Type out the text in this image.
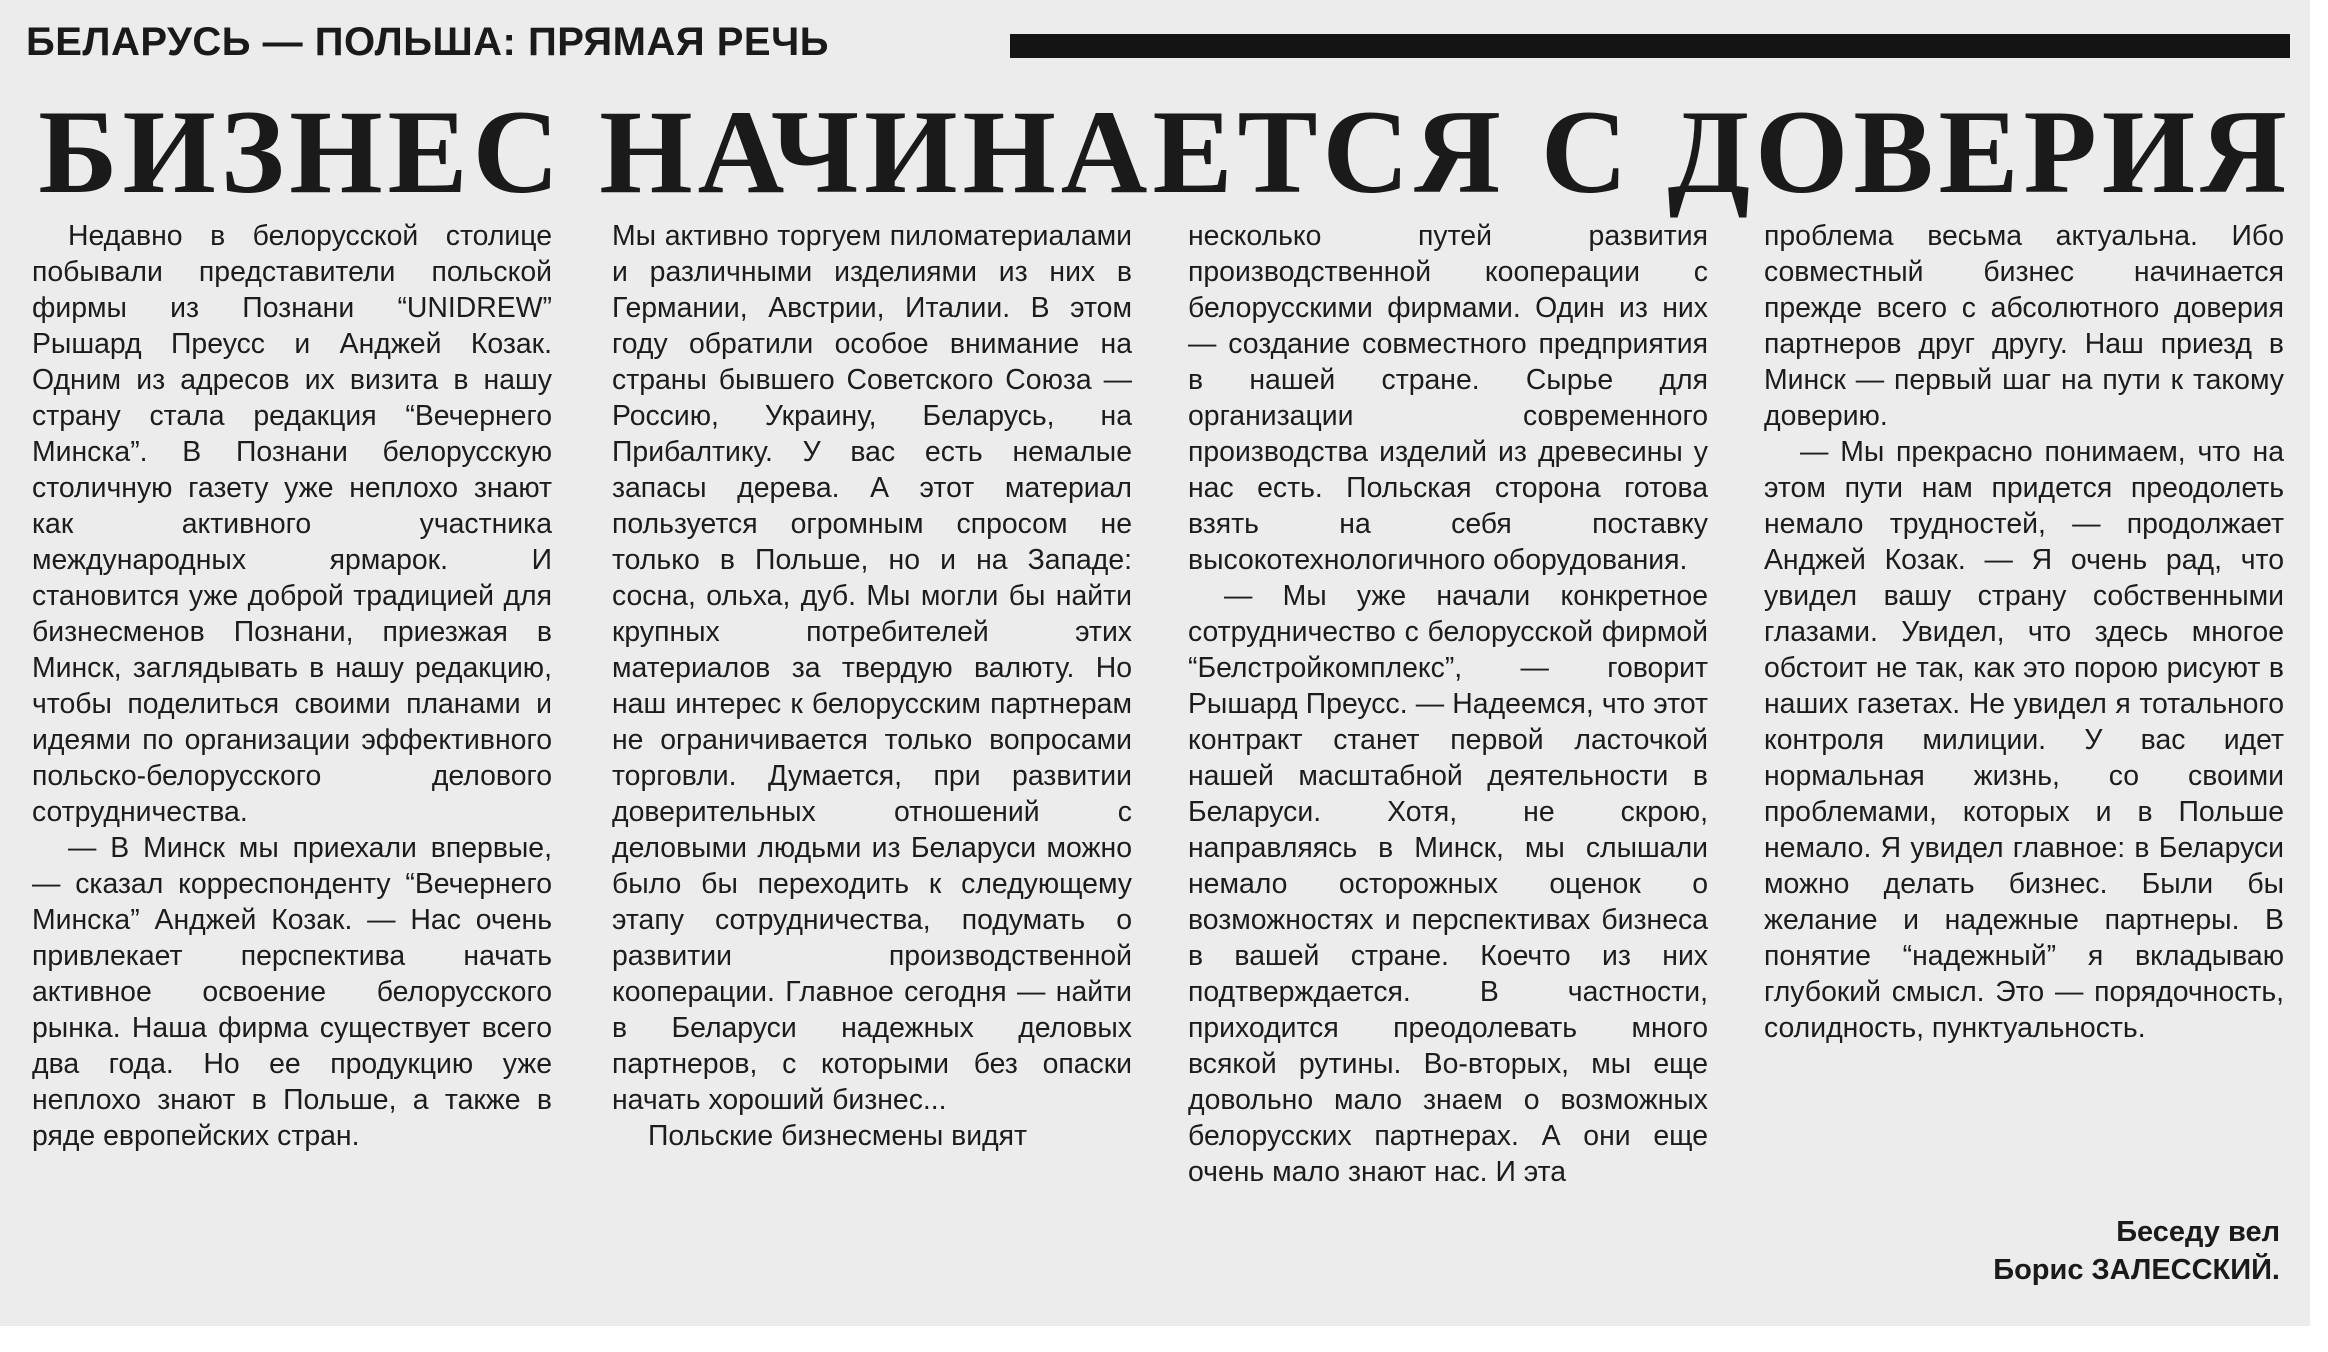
БЕЛАРУСЬ — ПОЛЬША: ПРЯМАЯ РЕЧЬ
БИЗНЕС НАЧИНАЕТСЯ С ДОВЕРИЯ

Недавно в белорусской столице побывали представители польской фирмы из Познани “UNIDREW” Рышард Преусс и Анджей Козак. Одним из адресов их визита в нашу страну стала редакция “Вечернего Минска”. В Познани белорусскую столичную газету уже неплохо знают как активного участника международных ярмарок. И становится уже доброй традицией для бизнесменов Познани, приезжая в Минск, заглядывать в нашу редакцию, чтобы поделиться своими планами и идеями по организации эффективного польско-белорусского делового сотрудничества.

— В Минск мы приехали впервые, — сказал корреспонденту “Вечернего Минска” Анджей Козак. — Нас очень привлекает перспектива начать активное освоение белорусского рынка. Наша фирма существует всего два года. Но ее продукцию уже неплохо знают в Польше, а также в ряде европейских стран.

Мы активно торгуем пиломатериалами и различными изделиями из них в Германии, Австрии, Италии. В этом году обратили особое внимание на страны бывшего Советского Союза — Россию, Украину, Беларусь, на Прибалтику. У вас есть немалые запасы дерева. А этот материал пользуется огромным спросом не только в Польше, но и на Западе: сосна, ольха, дуб. Мы могли бы найти крупных потребителей этих материалов за твердую валюту. Но наш интерес к белорусским партнерам не ограничивается только вопросами торговли. Думается, при развитии доверительных отношений с деловыми людьми из Беларуси можно было бы переходить к следующему этапу сотрудничества, подумать о развитии производственной кооперации. Главное сегодня — найти в Беларуси надежных деловых партнеров, с которыми без опаски начать хороший бизнес...

Польские бизнесмены видят

несколько путей развития производственной кооперации с белорусскими фирмами. Один из них — создание совместного предприятия в нашей стране. Сырье для организации современного производства изделий из древесины у нас есть. Польская сторона готова взять на себя поставку высокотехнологичного оборудования.

— Мы уже начали конкретное сотрудничество с белорусской фирмой “Белстройкомплекс”, — говорит Рышард Преусс. — Надеемся, что этот контракт станет первой ласточкой нашей масштабной деятельности в Беларуси. Хотя, не скрою, направляясь в Минск, мы слышали немало осторожных оценок о возможностях и перспективах бизнеса в вашей стране. Коечто из них подтверждается. В частности, приходится преодолевать много всякой рутины. Во-вторых, мы еще довольно мало знаем о возможных белорусских партнерах. А они еще очень мало знают нас. И эта

проблема весьма актуальна. Ибо совместный бизнес начинается прежде всего с абсолютного доверия партнеров друг другу. Наш приезд в Минск — первый шаг на пути к такому доверию.

— Мы прекрасно понимаем, что на этом пути нам придется преодолеть немало трудностей, — продолжает Анджей Козак. — Я очень рад, что увидел вашу страну собственными глазами. Увидел, что здесь многое обстоит не так, как это порою рисуют в наших газетах. Не увидел я тотального контроля милиции. У вас идет нормальная жизнь, со своими проблемами, которых и в Польше немало. Я увидел главное: в Беларуси можно делать бизнес. Были бы желание и надежные партнеры. В понятие “надежный” я вкладываю глубокий смысл. Это — порядочность, солидность, пунктуальность.

Беседу вел
Борис ЗАЛЕССКИЙ.
